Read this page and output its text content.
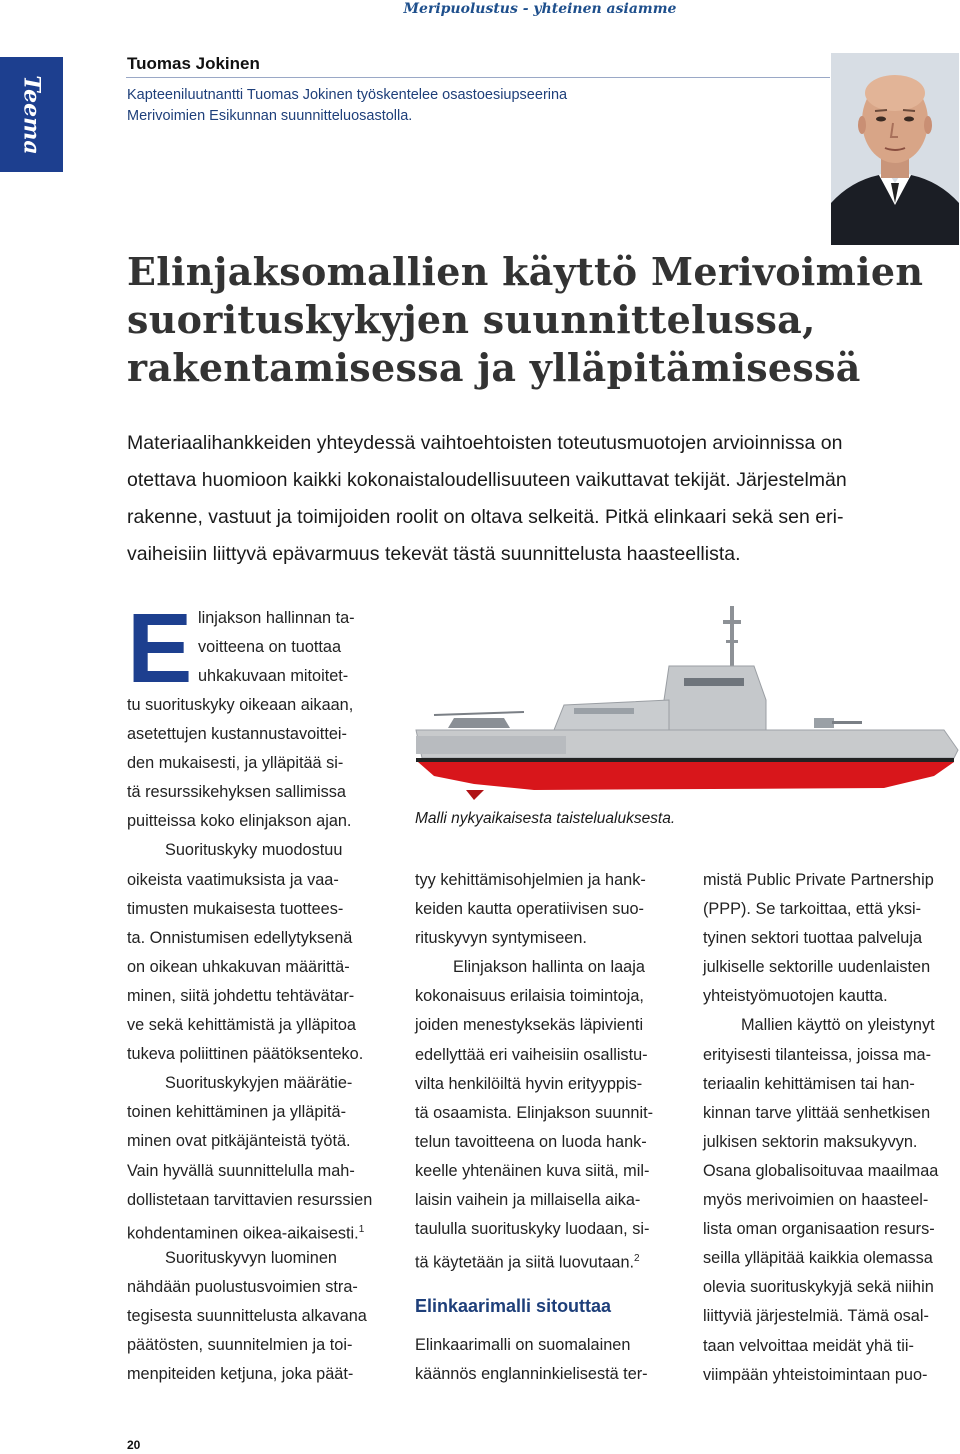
Meripuolustus - yhteinen asiamme
Teema
Tuomas Jokinen
Kapteeniluutnantti Tuomas Jokinen työskentelee osastoesiupseerina
Merivoimien Esikunnan suunnitteluosastolla.
Elinjaksomallien käyttö Merivoimien
suorituskykyjen suunnittelussa,
rakentamisessa ja ylläpitämisessä
Materiaalihankkeiden yhteydessä vaihtoehtoisten toteutusmuotojen arvioinnissa on
otettava huomioon kaikki kokonaistaloudellisuuteen vaikuttavat tekijät. Järjestelmän
rakenne, vastuut ja toimijoiden roolit on oltava selkeitä. Pitkä elinkaari sekä sen eri-
vaiheisiin liittyvä epävarmuus tekevät tästä suunnittelusta haasteellista.
E linjakson hallinnan ta-
voitteena on tuottaa
uhkakuvaan mitoitet-
tu suorituskyky oikeaan aikaan,
asetettujen kustannustavoittei-
den mukaisesti, ja ylläpitää si-
tä resurssikehyksen sallimissa
puitteissa koko elinjakson ajan.
Suorituskyky muodostuu
oikeista vaatimuksista ja vaa-
timusten mukaisesta tuottees-
ta. Onnistumisen edellytyksenä
on oikean uhkakuvan määrittä-
minen, siitä johdettu tehtävätar-
ve sekä kehittämistä ja ylläpitoa
tukeva poliittinen päätöksenteko.
Suorituskykyjen määrätie-
toinen kehittäminen ja ylläpitä-
minen ovat pitkäjänteistä työtä.
Vain hyvällä suunnittelulla mah-
dollistetaan tarvittavien resurssien
kohdentaminen oikea-aikaisesti.$^1$
Suorituskyvyn luominen
nähdään puolustusvoimien stra-
tegisesta suunnittelusta alkavana
päätösten, suunnitelmien ja toi-
menpiteiden ketjuna, joka päät-
Malli nykyaikaisesta taistelualuksesta.
tyy kehittämisohjelmien ja hank-
keiden kautta operatiivisen suo-
rituskyvyn syntymiseen.
Elinjakson hallinta on laaja
kokonaisuus erilaisia toimintoja,
joiden menestyksekäs läpivienti
edellyttää eri vaiheisiin osallistu-
vilta henkilöiltä hyvin erityyppis-
tä osaamista. Elinjakson suunnit-
telun tavoitteena on luoda hank-
keelle yhtenäinen kuva siitä, mil-
laisin vaihein ja millaisella aika-
taululla suorituskyky luodaan, si-
tä käytetään ja siitä luovutaan.$^2$
Elinkaarimalli sitouttaa
Elinkaarimalli on suomalainen
käännös englanninkielisestä ter-
mistä Public Private Partnership
(PPP). Se tarkoittaa, että yksi-
tyinen sektori tuottaa palveluja
julkiselle sektorille uudenlaisten
yhteistyömuotojen kautta.
Mallien käyttö on yleistynyt
erityisesti tilanteissa, joissa ma-
teriaalin kehittämisen tai han-
kinnan tarve ylittää senhetkisen
julkisen sektorin maksukyvyn.
Osana globalisoituvaa maailmaa
myös merivoimien on haasteel-
lista oman organisaation resurs-
seilla ylläpitää kaikkia olemassa
olevia suorituskykyjä sekä niihin
liittyviä järjestelmiä. Tämä osal-
taan velvoittaa meidät yhä tii-
viimpään yhteistoimintaan puo-
20
